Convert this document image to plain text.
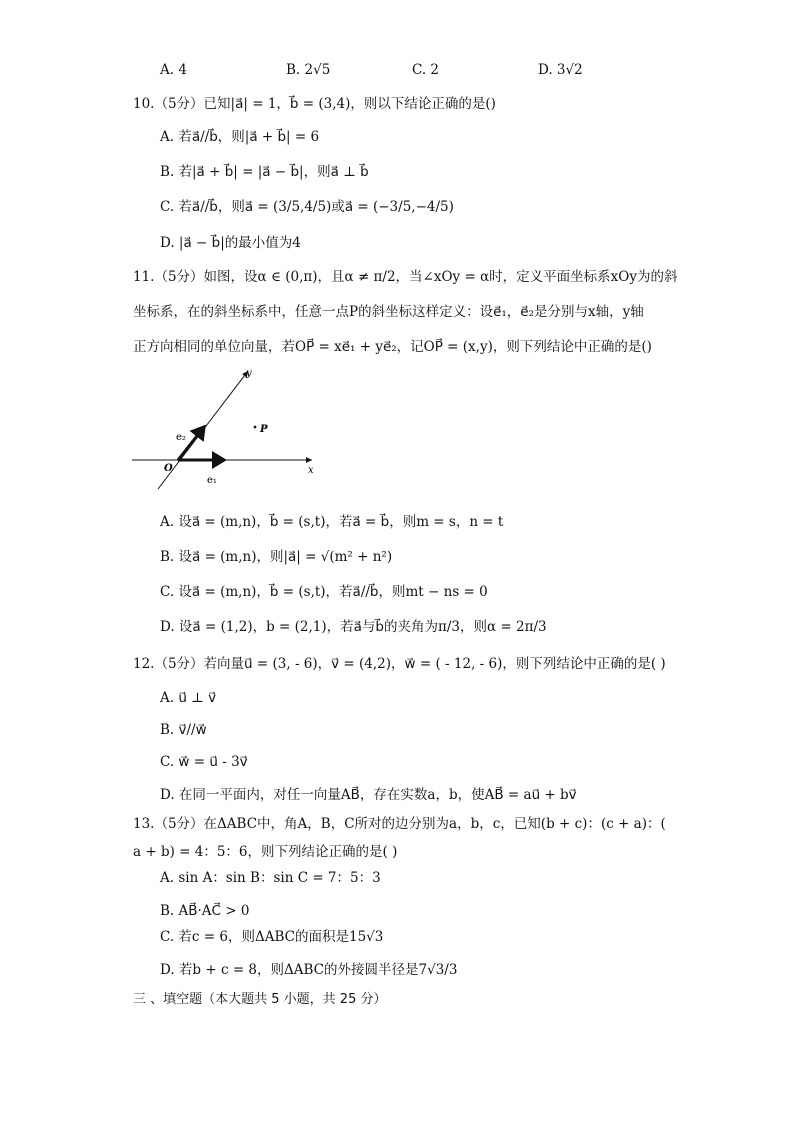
A. 4	B. 2√5	C. 2	D. 3√2
10.（5分）已知|a⃗| = 1，b⃗ = (3,4)，则以下结论正确的是()
A. 若a⃗//b⃗，则|a⃗ + b⃗| = 6
B. 若|a⃗ + b⃗| = |a⃗ − b⃗|，则a⃗ ⊥ b⃗
C. 若a⃗//b⃗，则a⃗ = (3/5,4/5)或a⃗ = (−3/5,−4/5)
D. |a⃗ − b⃗|的最小值为4
11.（5分）如图，设α ∈ (0,π)，且α ≠ π/2，当∠xOy = α时，定义平面坐标系xOy为的斜
坐标系，在的斜坐标系中，任意一点P的斜坐标这样定义：设e⃗₁，e⃗₂是分别与x轴，y轴
正方向相同的单位向量，若OP⃗ = xe⃗₁ + ye⃗₂，记OP⃗ = (x,y)，则下列结论中正确的是()
y
x
O
e₁
e₂
P
A. 设a⃗ = (m,n)，b⃗ = (s,t)，若a⃗ = b⃗，则m = s，n = t
B. 设a⃗ = (m,n)，则|a⃗| = √(m² + n²)
C. 设a⃗ = (m,n)，b⃗ = (s,t)，若a⃗//b⃗，则mt − ns = 0
D. 设a⃗ = (1,2)，b = (2,1)，若a⃗与b⃗的夹角为π/3，则α = 2π/3
12.（5分）若向量u⃗ = (3, - 6)，v⃗ = (4,2)，w⃗ = ( - 12, - 6)，则下列结论中正确的是( )
A. u⃗ ⊥ v⃗
B. v⃗//w⃗
C. w⃗ = u⃗ - 3v⃗
D. 在同一平面内，对任一向量AB⃗，存在实数a，b，使AB⃗ = au⃗ + bv⃗
13.（5分）在ΔABC中，角A，B，C所对的边分别为a，b，c，已知(b + c)：(c + a)：(
a + b) = 4：5：6，则下列结论正确的是( )
A. sin A：sin B：sin C = 7：5：3
B. AB⃗·AC⃗ > 0
C. 若c = 6，则ΔABC的面积是15√3
D. 若b + c = 8，则ΔABC的外接圆半径是7√3/3
三 、填空题（本大题共 5 小题，共 25 分）
